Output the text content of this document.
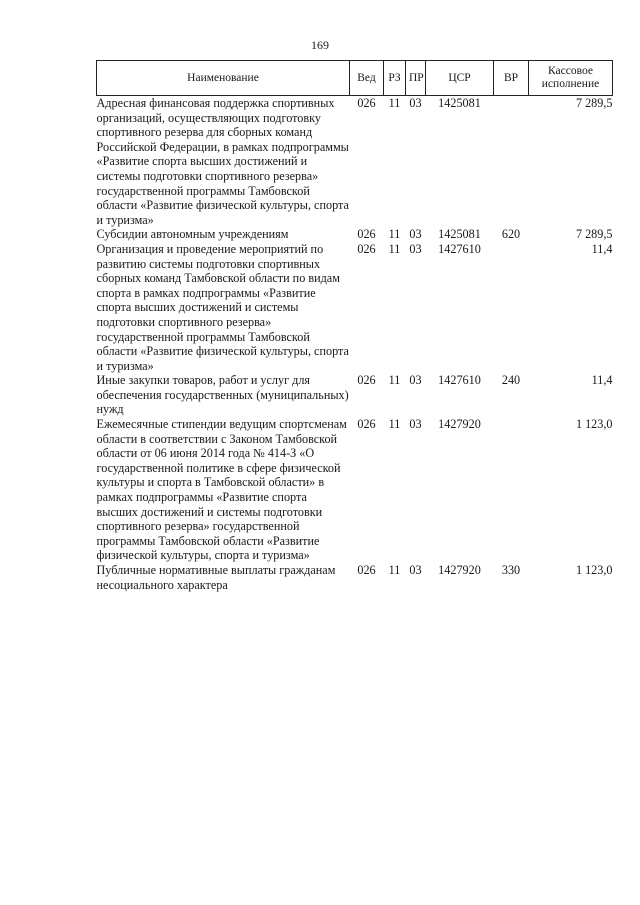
169
Наименование	Вед	РЗ	ПР	ЦСР	ВР	Кассовое исполнение
Адресная финансовая поддержка спортивных организаций, осуществляющих подготовку спортивного резерва для сборных команд Российской Федерации, в рамках подпрограммы «Развитие спорта высших достижений и системы подготовки спортивного резерва» государственной программы Тамбовской области «Развитие физической культуры, спорта и туризма»	026	11	03	1425081		7 289,5
Субсидии автономным учреждениям	026	11	03	1425081	620	7 289,5
Организация и проведение мероприятий по развитию системы подготовки спортивных сборных команд Тамбовской области по видам спорта в рамках подпрограммы «Развитие спорта высших достижений и системы подготовки спортивного резерва» государственной программы Тамбовской области «Развитие физической культуры, спорта и туризма»	026	11	03	1427610		11,4
Иные закупки товаров, работ и услуг для обеспечения государственных (муниципальных) нужд	026	11	03	1427610	240	11,4
Ежемесячные стипендии ведущим спортсменам области в соответствии с Законом Тамбовской области от 06 июня 2014 года № 414-З «О государственной политике в сфере физической культуры и спорта в Тамбовской области» в рамках подпрограммы «Развитие спорта высших достижений и системы подготовки спортивного резерва» государственной программы Тамбовской области «Развитие физической культуры, спорта и туризма»	026	11	03	1427920		1 123,0
Публичные нормативные выплаты гражданам несоциального характера	026	11	03	1427920	330	1 123,0
